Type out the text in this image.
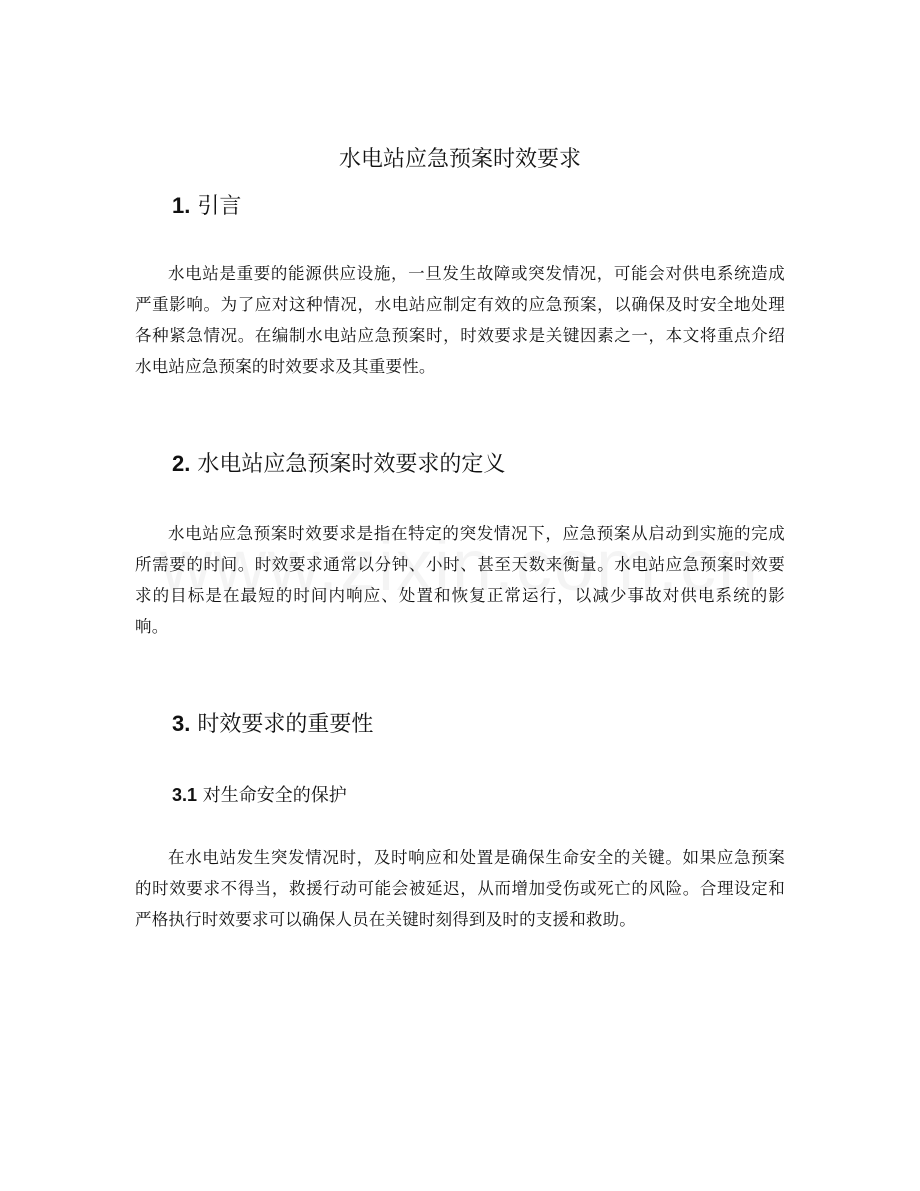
水电站应急预案时效要求
1. 引言

水电站是重要的能源供应设施，一旦发生故障或突发情况，可能会对供电系统造成严重影响。为了应对这种情况，水电站应制定有效的应急预案，以确保及时安全地处理各种紧急情况。在编制水电站应急预案时，时效要求是关键因素之一，本文将重点介绍水电站应急预案的时效要求及其重要性。

2. 水电站应急预案时效要求的定义

水电站应急预案时效要求是指在特定的突发情况下，应急预案从启动到实施的完成所需要的时间。时效要求通常以分钟、小时、甚至天数来衡量。水电站应急预案时效要求的目标是在最短的时间内响应、处置和恢复正常运行，以减少事故对供电系统的影响。

3. 时效要求的重要性
3.1 对生命安全的保护

在水电站发生突发情况时，及时响应和处置是确保生命安全的关键。如果应急预案的时效要求不得当，救援行动可能会被延迟，从而增加受伤或死亡的风险。合理设定和严格执行时效要求可以确保人员在关键时刻得到及时的支援和救助。
